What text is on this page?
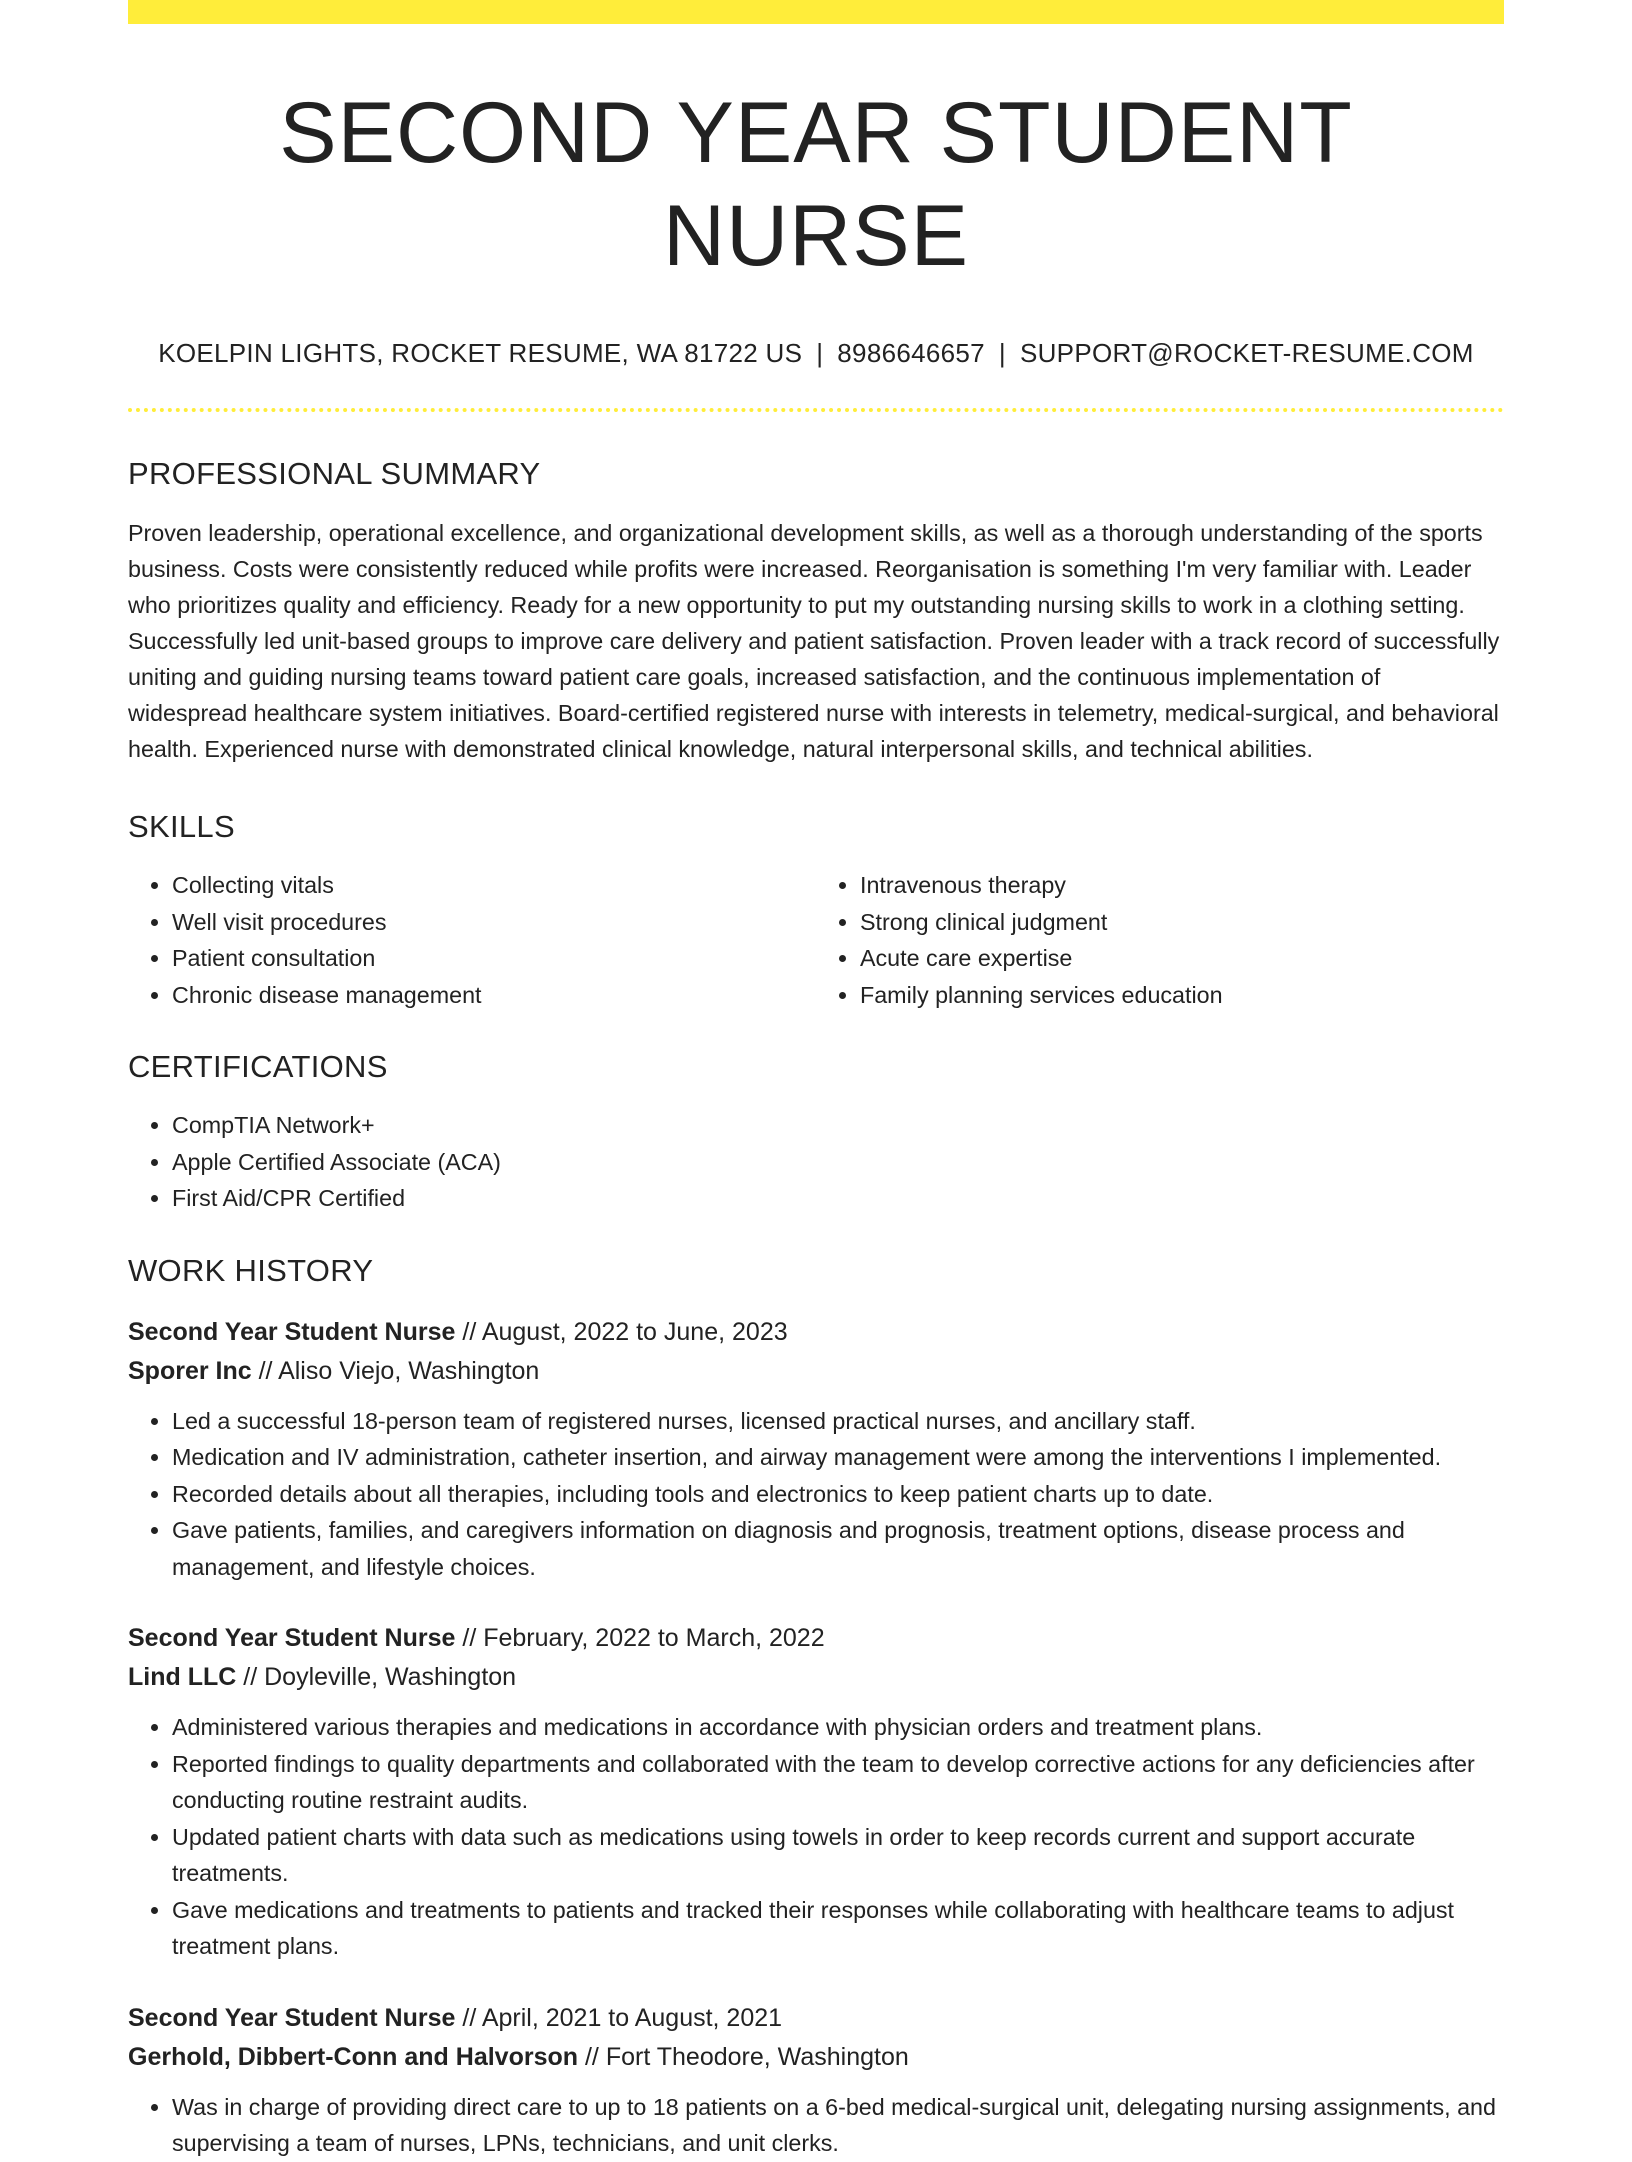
SECOND YEAR STUDENT NURSE
KOELPIN LIGHTS, ROCKET RESUME, WA 81722 US | 8986646657 | SUPPORT@ROCKET-RESUME.COM
PROFESSIONAL SUMMARY

Proven leadership, operational excellence, and organizational development skills, as well as a thorough understanding of the sports business. Costs were consistently reduced while profits were increased. Reorganisation is something I'm very familiar with. Leader who prioritizes quality and efficiency. Ready for a new opportunity to put my outstanding nursing skills to work in a clothing setting. Successfully led unit-based groups to improve care delivery and patient satisfaction. Proven leader with a track record of successfully uniting and guiding nursing teams toward patient care goals, increased satisfaction, and the continuous implementation of widespread healthcare system initiatives. Board-certified registered nurse with interests in telemetry, medical-surgical, and behavioral health. Experienced nurse with demonstrated clinical knowledge, natural interpersonal skills, and technical abilities.

SKILLS
• Collecting vitals
• Well visit procedures
• Patient consultation
• Chronic disease management
• Intravenous therapy
• Strong clinical judgment
• Acute care expertise
• Family planning services education
CERTIFICATIONS
• CompTIA Network+
• Apple Certified Associate (ACA)
• First Aid/CPR Certified
WORK HISTORY
Second Year Student Nurse // August, 2022 to June, 2023
Sporer Inc // Aliso Viejo, Washington
• Led a successful 18-person team of registered nurses, licensed practical nurses, and ancillary staff.
• Medication and IV administration, catheter insertion, and airway management were among the interventions I implemented.
• Recorded details about all therapies, including tools and electronics to keep patient charts up to date.
• Gave patients, families, and caregivers information on diagnosis and prognosis, treatment options, disease process and management, and lifestyle choices.
Second Year Student Nurse // February, 2022 to March, 2022
Lind LLC // Doyleville, Washington
• Administered various therapies and medications in accordance with physician orders and treatment plans.
• Reported findings to quality departments and collaborated with the team to develop corrective actions for any deficiencies after conducting routine restraint audits.
• Updated patient charts with data such as medications using towels in order to keep records current and support accurate treatments.
• Gave medications and treatments to patients and tracked their responses while collaborating with healthcare teams to adjust treatment plans.
Second Year Student Nurse // April, 2021 to August, 2021
Gerhold, Dibbert-Conn and Halvorson // Fort Theodore, Washington
• Was in charge of providing direct care to up to 18 patients on a 6-bed medical-surgical unit, delegating nursing assignments, and supervising a team of nurses, LPNs, technicians, and unit clerks.
